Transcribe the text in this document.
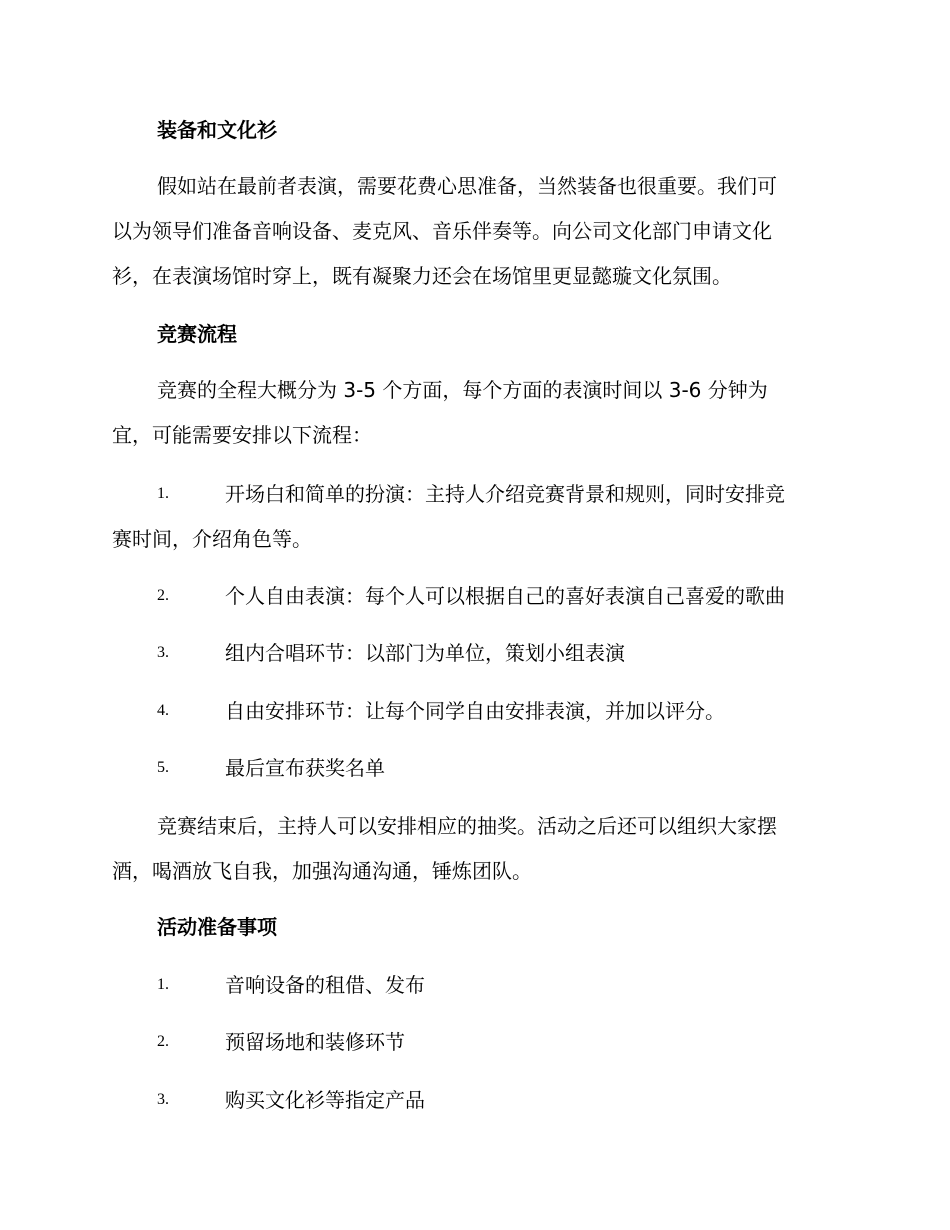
装备和文化衫
假如站在最前者表演，需要花费心思准备，当然装备也很重要。我们可
以为领导们准备音响设备、麦克风、音乐伴奏等。向公司文化部门申请文化
衫，在表演场馆时穿上，既有凝聚力还会在场馆里更显懿璇文化氛围。
竞赛流程
竞赛的全程大概分为 3-5 个方面，每个方面的表演时间以 3-6 分钟为
宜，可能需要安排以下流程：
1.	开场白和简单的扮演：主持人介绍竞赛背景和规则，同时安排竞
赛时间，介绍角色等。
2.	个人自由表演：每个人可以根据自己的喜好表演自己喜爱的歌曲
3.	组内合唱环节：以部门为单位，策划小组表演
4.	自由安排环节：让每个同学自由安排表演，并加以评分。
5.	最后宣布获奖名单
竞赛结束后，主持人可以安排相应的抽奖。活动之后还可以组织大家摆
酒，喝酒放飞自我，加强沟通沟通，锤炼团队。
活动准备事项
1.	音响设备的租借、发布
2.	预留场地和装修环节
3.	购买文化衫等指定产品
